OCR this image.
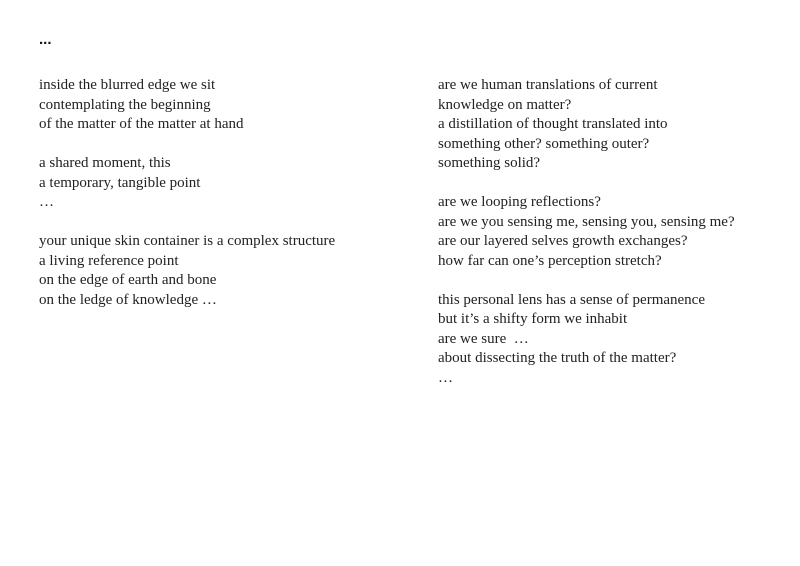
...
inside the blurred edge we sit
contemplating the beginning
of the matter of the matter at hand
a shared moment, this
a temporary, tangible point
…
your unique skin container is a complex structure
a living reference point
on the edge of earth and bone
on the ledge of knowledge …
are we human translations of current
knowledge on matter?
a distillation of thought translated into
something other? something outer?
something solid?
are we looping reflections?
are we you sensing me, sensing you, sensing me?
are our layered selves growth exchanges?
how far can one’s perception stretch?
this personal lens has a sense of permanence
but it’s a shifty form we inhabit
are we sure  …
about dissecting the truth of the matter?
…
